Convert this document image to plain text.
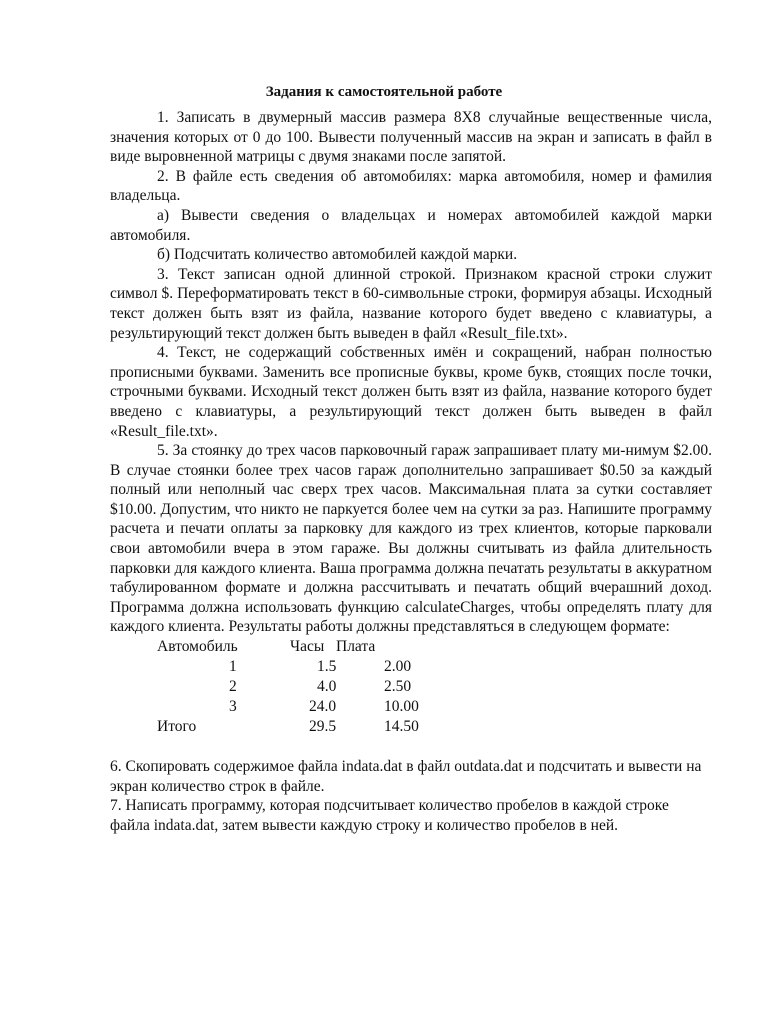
Задания к самостоятельной работе

1. Записать в двумерный массив размера 8Х8 случайные вещественные числа, значения которых от 0 до 100. Вывести полученный массив на экран и записать в файл в виде выровненной матрицы с двумя знаками после запятой.

2. В файле есть сведения об автомобилях: марка автомобиля, номер и фамилия владельца.

а) Вывести сведения о владельцах и номерах автомобилей каждой марки автомобиля.

б) Подсчитать количество автомобилей каждой марки.

3. Текст записан одной длинной строкой. Признаком красной строки служит символ $. Переформатировать текст в 60-символьные строки, формируя абзацы. Исходный текст должен быть взят из файла, название которого будет введено с клавиатуры, а результирующий текст должен быть выведен в файл «Result_file.txt».

4. Текст, не содержащий собственных имён и сокращений, набран полностью прописными буквами. Заменить все прописные буквы, кроме букв, стоящих после точки, строчными буквами. Исходный текст должен быть взят из файла, название которого будет введено с клавиатуры, а результирующий текст должен быть выведен в файл «Result_file.txt».

5. За стоянку до трех часов парковочный гараж запрашивает плату ми-нимум $2.00. В случае стоянки более трех часов гараж дополнительно запрашивает $0.50 за каждый полный или неполный час сверх трех часов. Максимальная плата за сутки составляет $10.00. Допустим, что никто не паркуется более чем на сутки за раз. Напишите программу расчета и печати оплаты за парковку для каждого из трех клиентов, которые парковали свои автомобили вчера в этом гараже. Вы должны считывать из файла длительность парковки для каждого клиента. Ваша программа должна печатать результаты в аккуратном табулированном формате и должна рассчитывать и печатать общий вчерашний доход. Программа должна использовать функцию calculateCharges, чтобы определять плату для каждого клиента. Результаты работы должны представляться в следующем формате:

Автомобиль	Часы Плата
1	1.5	2.00
2	4.0	2.50
3	24.0	10.00
Итого	29.5	14.50

6. Скопировать содержимое файла indata.dat в файл outdata.dat и подсчитать и вывести на экран количество строк в файле.

7. Написать программу, которая подсчитывает количество пробелов в каждой строке файла indata.dat, затем вывести каждую строку и количество пробелов в ней.
